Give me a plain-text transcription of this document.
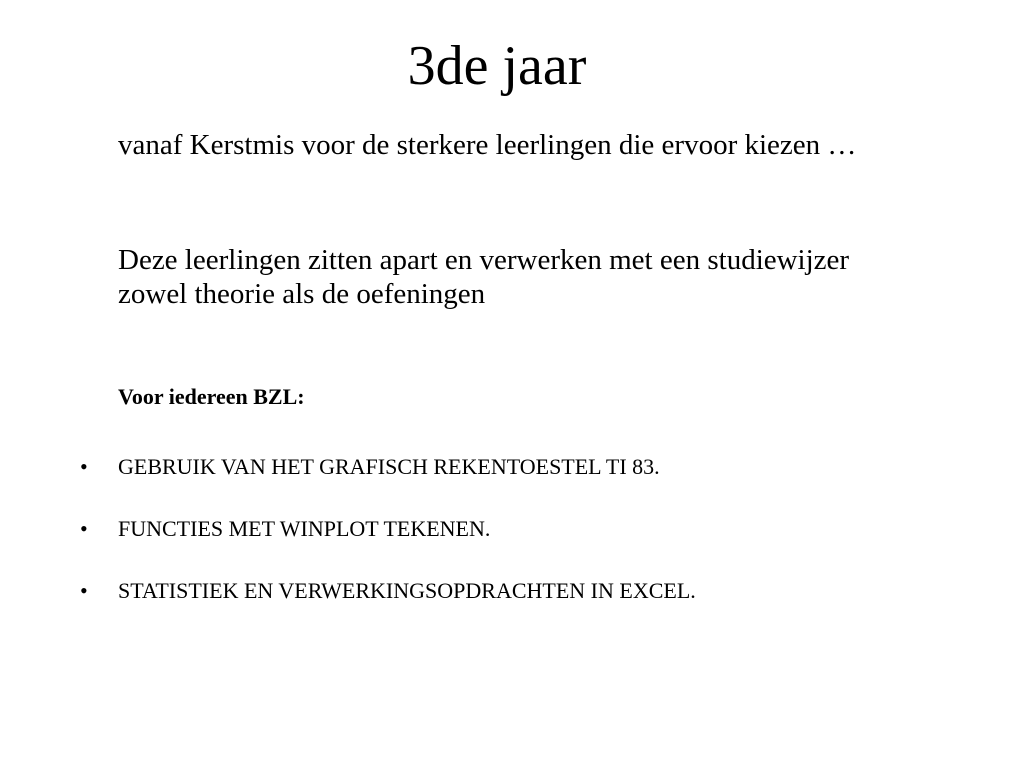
3de jaar

vanaf Kerstmis voor de sterkere leerlingen die ervoor kiezen …

Deze leerlingen zitten apart en verwerken met een studiewijzer zowel theorie als de oefeningen

Voor iedereen BZL:

• GEBRUIK VAN HET GRAFISCH REKENTOESTEL TI 83.
• FUNCTIES MET WINPLOT TEKENEN.
• STATISTIEK EN VERWERKINGSOPDRACHTEN IN EXCEL.
